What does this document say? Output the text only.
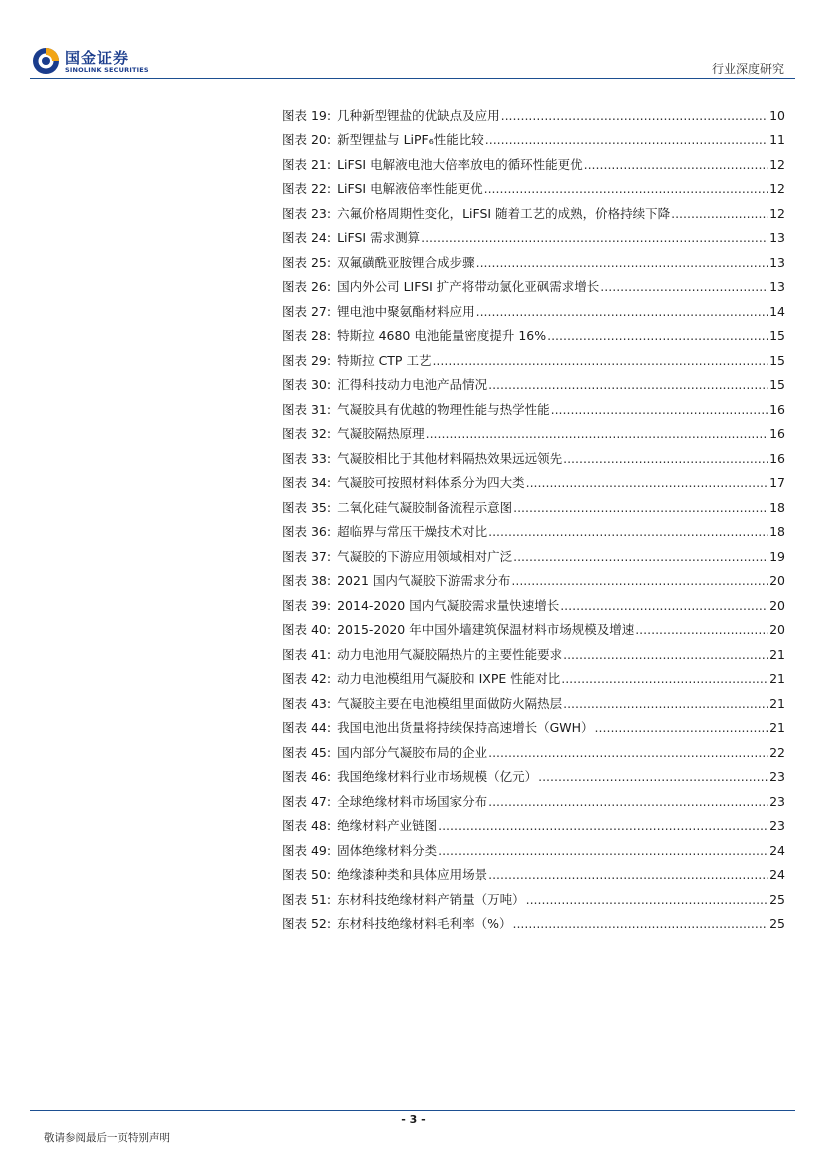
国金证券
SINOLINK SECURITIES	行业深度研究
图表 19: 几种新型锂盐的优缺点及应用 .....	10
图表 20: 新型锂盐与 LiPF₆性能比较 .....	11
图表 21: LiFSI 电解液电池大倍率放电的循环性能更优 .....	12
图表 22: LiFSI 电解液倍率性能更优 .....	12
图表 23: 六氟价格周期性变化，LiFSI 随着工艺的成熟，价格持续下降 .....	12
图表 24: LiFSI 需求测算 .....	13
图表 25: 双氟磺酰亚胺锂合成步骤 .....	13
图表 26: 国内外公司 LIFSI 扩产将带动氯化亚砜需求增长 .....	13
图表 27: 锂电池中聚氨酯材料应用 .....	14
图表 28: 特斯拉 4680 电池能量密度提升 16% .....	15
图表 29: 特斯拉 CTP 工艺 .....	15
图表 30: 汇得科技动力电池产品情况 .....	15
图表 31: 气凝胶具有优越的物理性能与热学性能 .....	16
图表 32: 气凝胶隔热原理 .....	16
图表 33: 气凝胶相比于其他材料隔热效果远远领先 .....	16
图表 34: 气凝胶可按照材料体系分为四大类 .....	17
图表 35: 二氧化硅气凝胶制备流程示意图 .....	18
图表 36: 超临界与常压干燥技术对比 .....	18
图表 37: 气凝胶的下游应用领域相对广泛 .....	19
图表 38: 2021 国内气凝胶下游需求分布 .....	20
图表 39: 2014-2020 国内气凝胶需求量快速增长 .....	20
图表 40: 2015-2020 年中国外墙建筑保温材料市场规模及增速 .....	20
图表 41: 动力电池用气凝胶隔热片的主要性能要求 .....	21
图表 42: 动力电池模组用气凝胶和 IXPE 性能对比 .....	21
图表 43: 气凝胶主要在电池模组里面做防火隔热层 .....	21
图表 44: 我国电池出货量将持续保持高速增长（GWH） .....	21
图表 45: 国内部分气凝胶布局的企业 .....	22
图表 46: 我国绝缘材料行业市场规模（亿元） .....	23
图表 47: 全球绝缘材料市场国家分布 .....	23
图表 48: 绝缘材料产业链图 .....	23
图表 49: 固体绝缘材料分类 .....	24
图表 50: 绝缘漆种类和具体应用场景 .....	24
图表 51: 东材科技绝缘材料产销量（万吨） .....	25
图表 52: 东材科技绝缘材料毛利率（%） .....	25
- 3 -
敬请参阅最后一页特别声明
